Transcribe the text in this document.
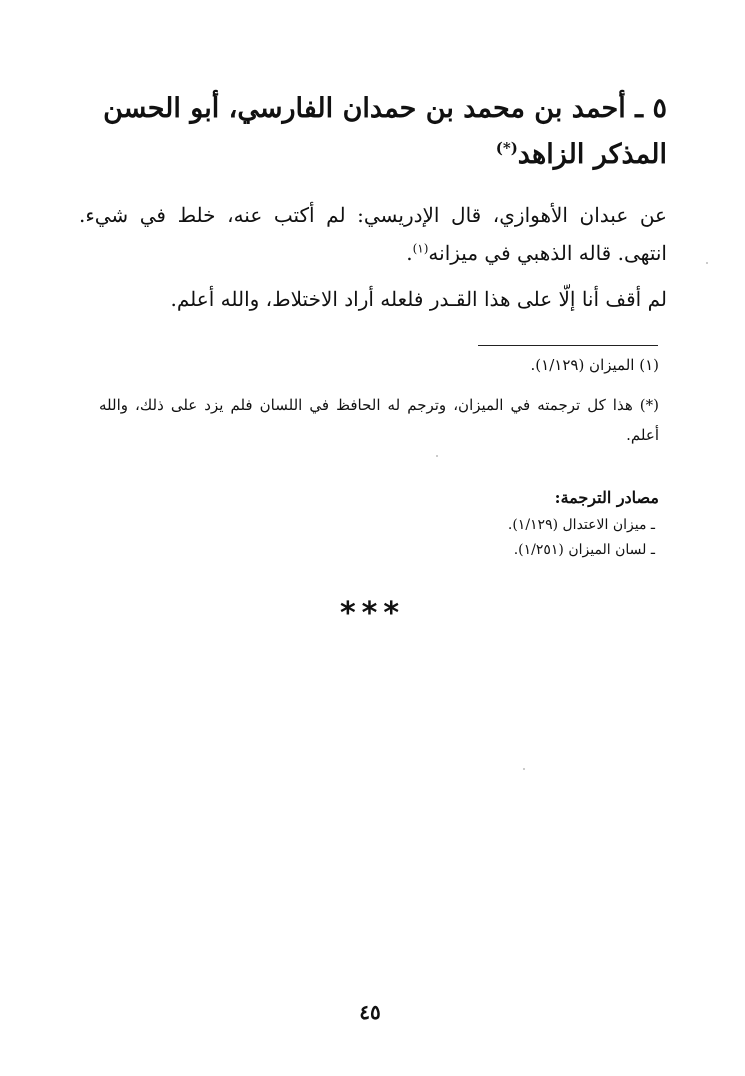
٥ ـ أحمد بن محمد بن حمدان الفارسي، أبو الحسن المذكر الزاهد(*)
عن عبدان الأهوازي، قال الإدريسي: لم أكتب عنه، خلط في شيء. انتهى. قاله الذهبي في ميزانه$^{(١)}$.
لم أقف أنا إلّا على هذا القـدر فلعله أراد الاختلاط، والله أعلم.
(١) الميزان (١/١٢٩).
(*) هذا كل ترجمته في الميزان، وترجم له الحافظ في اللسان فلم يزد على ذلك، والله أعلم.
مصادر الترجمة:
ـ ميزان الاعتدال (١/١٢٩).
ـ لسان الميزان (١/٢٥١).
***
٤٥
